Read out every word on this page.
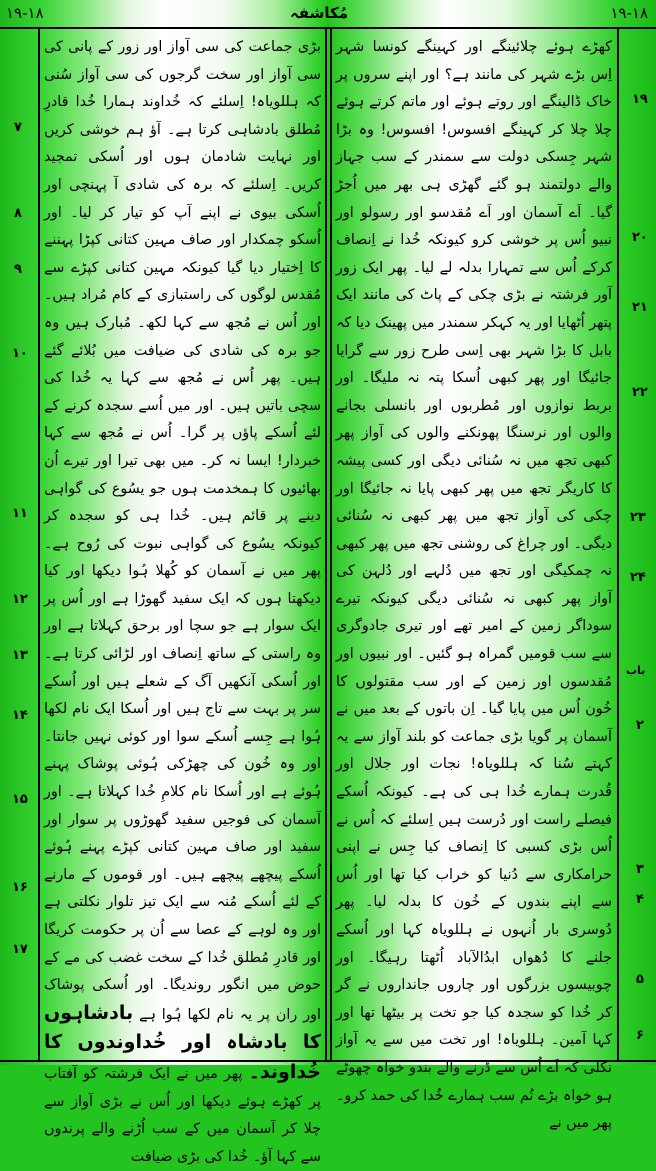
۱۹-۱۸	مُکاشفہ	۱۹-۱۸
۱۹
۲۰
۲۱
۲۲
۲۳
۲۴
باب
۲
۳
۴
۵
۶
۷
۸
۹
۱۰
۱۱
۱۲
۱۳
۱۴
۱۵
۱۶
۱۷

کھڑے ہوئے چلائینگے اور کہینگے کونسا شہر اِس بڑے شہر کی مانند ہے؟ اور اپنے سروں پر خاک ڈالینگے اور روتے ہوئے اور ماتم کرتے ہوئے چلا چلا کر کہینگے افسوس! افسوس! وہ بڑا شہر جِسکی دولت سے سمندر کے سب جہاز والے دولتمند ہو گئے گھڑی ہی بھر میں اُجڑ گیا۔ اَے آسمان اور اَے مُقدسو اور رسولو اور نبیو اُس پر خوشی کرو کیونکہ خُدا نے اِنصاف کرکے اُس سے تمہارا بدلہ لے لیا۔ پھر ایک زور آور فرشتہ نے بڑی چکی کے پاٹ کی مانند ایک پتھر اُٹھایا اور یہ کہکر سمندر میں پھینک دیا کہ بابل کا بڑا شہر بھی اِسی طرح زور سے گرایا جائیگا اور پھر کبھی اُسکا پتہ نہ ملیگا۔ اور بربط نوازوں اور مُطربوں اور بانسلی بجانے والوں اور نرسنگا پھونکنے والوں کی آواز پھر کبھی تجھ میں نہ سُنائی دیگی اور کسی پیشہ کا کاریگر تجھ میں پھر کبھی پایا نہ جائیگا اور چکی کی آواز تجھ میں پھر کبھی نہ سُنائی دیگی۔ اور چراغ کی روشنی تجھ میں پھر کبھی نہ چمکیگی اور تجھ میں دُلہے اور دُلہن کی آواز پھر کبھی نہ سُنائی دیگی کیونکہ تیرے سوداگر زمین کے امیر تھے اور تیری جادوگری سے سب قومیں گمراہ ہو گئیں۔ اور نبیوں اور مُقدسوں اور زمین کے اور سب مقتولوں کا خُون اُس میں پایا گیا۔ اِن باتوں کے بعد میں نے آسمان پر گویا بڑی جماعت کو بلند آواز سے یہ کہتے سُنا کہ ہللویاہ! نجات اور جلال اور قُدرت ہمارے خُدا ہی کی ہے۔ کیونکہ اُسکے فیصلے راست اور دُرست ہیں اِسلئے کہ اُس نے اُس بڑی کسبی کا اِنصاف کیا جِس نے اپنی حرامکاری سے دُنیا کو خراب کیا تھا اور اُس سے اپنے بندوں کے خُون کا بدلہ لیا۔ پھر دُوسری بار اُنہوں نے ہللویاہ کہا اور اُسکے جلنے کا دُھواں ابدُالآباد اُٹھتا رہیگا۔ اور چوبیسوں بزرگوں اور چاروں جانداروں نے گر کر خُدا کو سجدہ کیا جو تخت پر بیٹھا تھا اور کہا آمین۔ ہللویاہ! اور تخت میں سے یہ آواز نکلی کہ اَے اُس سے ڈرنے والے بندو خواہ چھوٹے ہو خواہ بڑے تُم سب ہمارے خُدا کی حمد کرو۔ پھر میں نے

بڑی جماعت کی سی آواز اور زور کے پانی کی سی آواز اور سخت گرجوں کی سی آواز سُنی کہ ہللویاہ! اِسلئے کہ خُداوند ہمارا خُدا قادرِ مُطلق بادشاہی کرتا ہے۔ آؤ ہم خوشی کریں اور نہایت شادمان ہوں اور اُسکی تمجید کریں۔ اِسلئے کہ برہ کی شادی آ پہنچی اور اُسکی بیوی نے اپنے آپ کو تیار کر لیا۔ اور اُسکو چمکدار اور صاف مہین کتانی کپڑا پہننے کا اِختیار دیا گیا کیونکہ مہین کتانی کپڑے سے مُقدس لوگوں کی راستبازی کے کام مُراد ہیں۔ اور اُس نے مُجھ سے کہا لکھ۔ مُبارک ہیں وہ جو برہ کی شادی کی ضیافت میں بُلائے گئے ہیں۔ پھر اُس نے مُجھ سے کہا یہ خُدا کی سچی باتیں ہیں۔ اور میں اُسے سجدہ کرنے کے لئے اُسکے پاؤں پر گرا۔ اُس نے مُجھ سے کہا خبردار! ایسا نہ کر۔ میں بھی تیرا اور تیرے اُن بھائیوں کا ہمخدمت ہوں جو یسُوع کی گواہی دینے پر قائم ہیں۔ خُدا ہی کو سجدہ کر کیونکہ یسُوع کی گواہی نبوت کی رُوح ہے۔ پھر میں نے آسمان کو کُھلا ہُوا دیکھا اور کیا دیکھتا ہوں کہ ایک سفید گھوڑا ہے اور اُس پر ایک سوار ہے جو سچا اور برحق کہلاتا ہے اور وہ راستی کے ساتھ اِنصاف اور لڑائی کرتا ہے۔ اور اُسکی آنکھیں آگ کے شعلے ہیں اور اُسکے سر پر بہت سے تاج ہیں اور اُسکا ایک نام لکھا ہُوا ہے جِسے اُسکے سوا اور کوئی نہیں جانتا۔ اور وہ خُون کی چھڑکی ہُوئی پوشاک پہنے ہُوئے ہے اور اُسکا نام کلامِ خُدا کہلاتا ہے۔ اور آسمان کی فوجیں سفید گھوڑوں پر سوار اور سفید اور صاف مہین کتانی کپڑے پہنے ہُوئے اُسکے پیچھے پیچھے ہیں۔ اور قوموں کے مارنے کے لئے اُسکے مُنہ سے ایک تیز تلوار نکلتی ہے اور وہ لوہے کے عصا سے اُن پر حکومت کریگا اور قادرِ مُطلق خُدا کے سخت غضب کی مے کے حوض میں انگور روندیگا۔ اور اُسکی پوشاک اور ران پر یہ نام لکھا ہُوا ہے بادشاہوں کا بادشاہ اور خُداوندوں کا خُداوند۔ پھر میں نے ایک فرشتہ کو آفتاب پر کھڑے ہوئے دیکھا اور اُس نے بڑی آواز سے چلا کر آسمان میں کے سب اُڑنے والے پرندوں سے کہا آؤ۔ خُدا کی بڑی ضیافت
